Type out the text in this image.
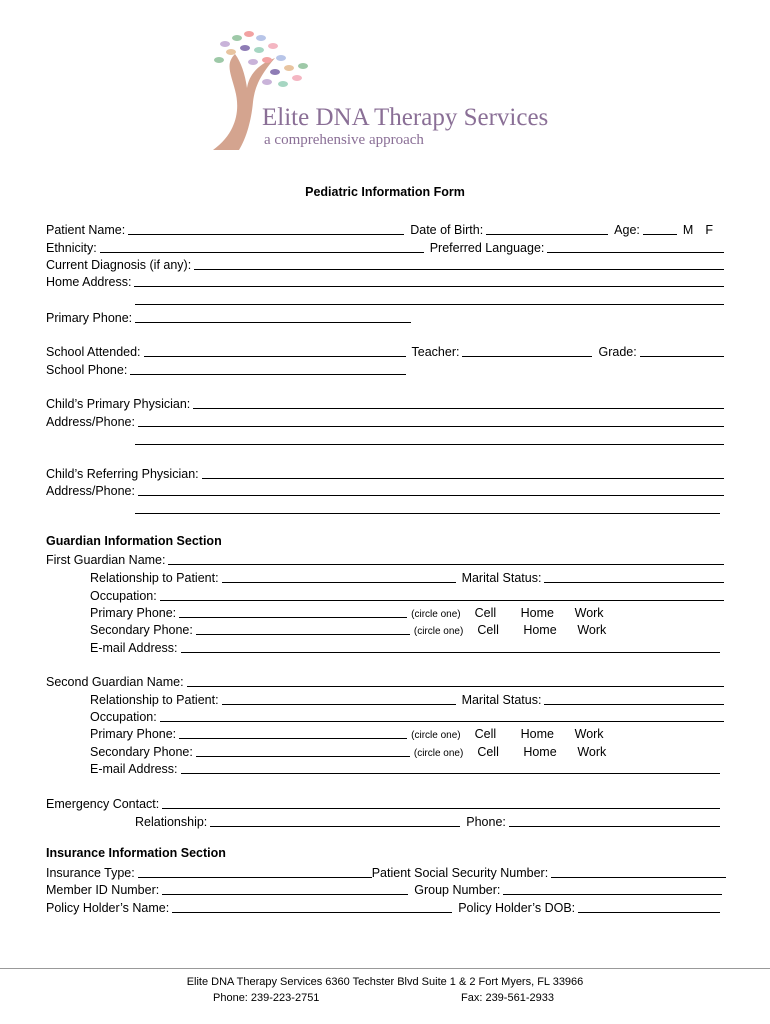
Elite DNA Therapy Services
a comprehensive approach
Pediatric Information Form
Patient Name:	Date of Birth:	Age:	M F
Ethnicity:	Preferred Language:
Current Diagnosis (if any):
Home Address:
Primary Phone:
School Attended:	Teacher:	Grade:
School Phone:
Child’s Primary Physician:
Address/Phone:
Child’s Referring Physician:
Address/Phone:
Guardian Information Section
First Guardian Name:
Relationship to Patient:	Marital Status:
Occupation:
Primary Phone:	(circle one)	Cell	Home	Work
Secondary Phone:	(circle one)	Cell	Home	Work
E-mail Address:
Second Guardian Name:
Relationship to Patient:	Marital Status:
Occupation:
Primary Phone:	(circle one)	Cell	Home	Work
Secondary Phone:	(circle one)	Cell	Home	Work
E-mail Address:
Emergency Contact:
Relationship:	Phone:
Insurance Information Section
Insurance Type:	Patient Social Security Number:
Member ID Number:	Group Number:
Policy Holder’s Name:	Policy Holder’s DOB:
Elite DNA Therapy Services 6360 Techster Blvd Suite 1 & 2 Fort Myers, FL 33966
Phone: 239-223-2751	Fax: 239-561-2933
